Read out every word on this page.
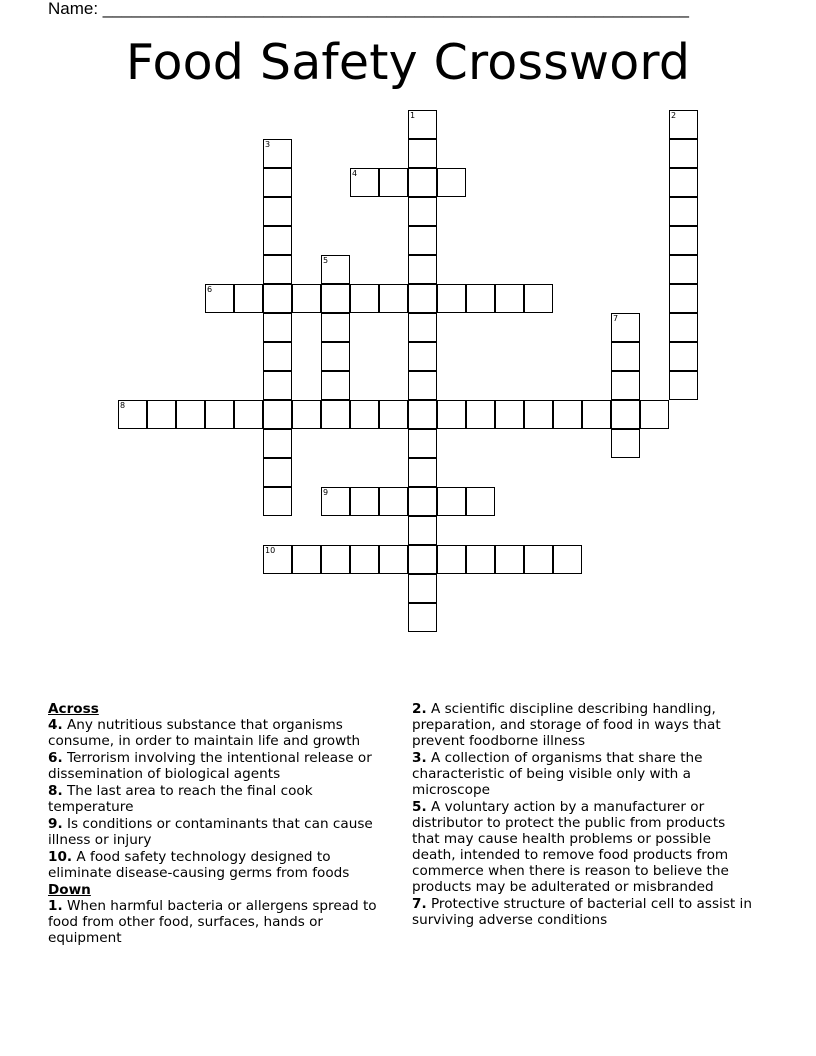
Name: ______________________________________________________________
Food Safety Crossword
4
6
8
9
10
1	2
3
5
7
Across
4. Any nutritious substance that organisms consume, in order to maintain life and growth
6. Terrorism involving the intentional release or dissemination of biological agents
8. The last area to reach the final cook temperature
9. Is conditions or contaminants that can cause illness or injury
10. A food safety technology designed to eliminate disease-causing germs from foods
Down
1. When harmful bacteria or allergens spread to food from other food, surfaces, hands or equipment
2. A scientific discipline describing handling, preparation, and storage of food in ways that prevent foodborne illness
3. A collection of organisms that share the characteristic of being visible only with a microscope
5. A voluntary action by a manufacturer or distributor to protect the public from products that may cause health problems or possible death, intended to remove food products from commerce when there is reason to believe the products may be adulterated or misbranded
7. Protective structure of bacterial cell to assist in surviving adverse conditions
